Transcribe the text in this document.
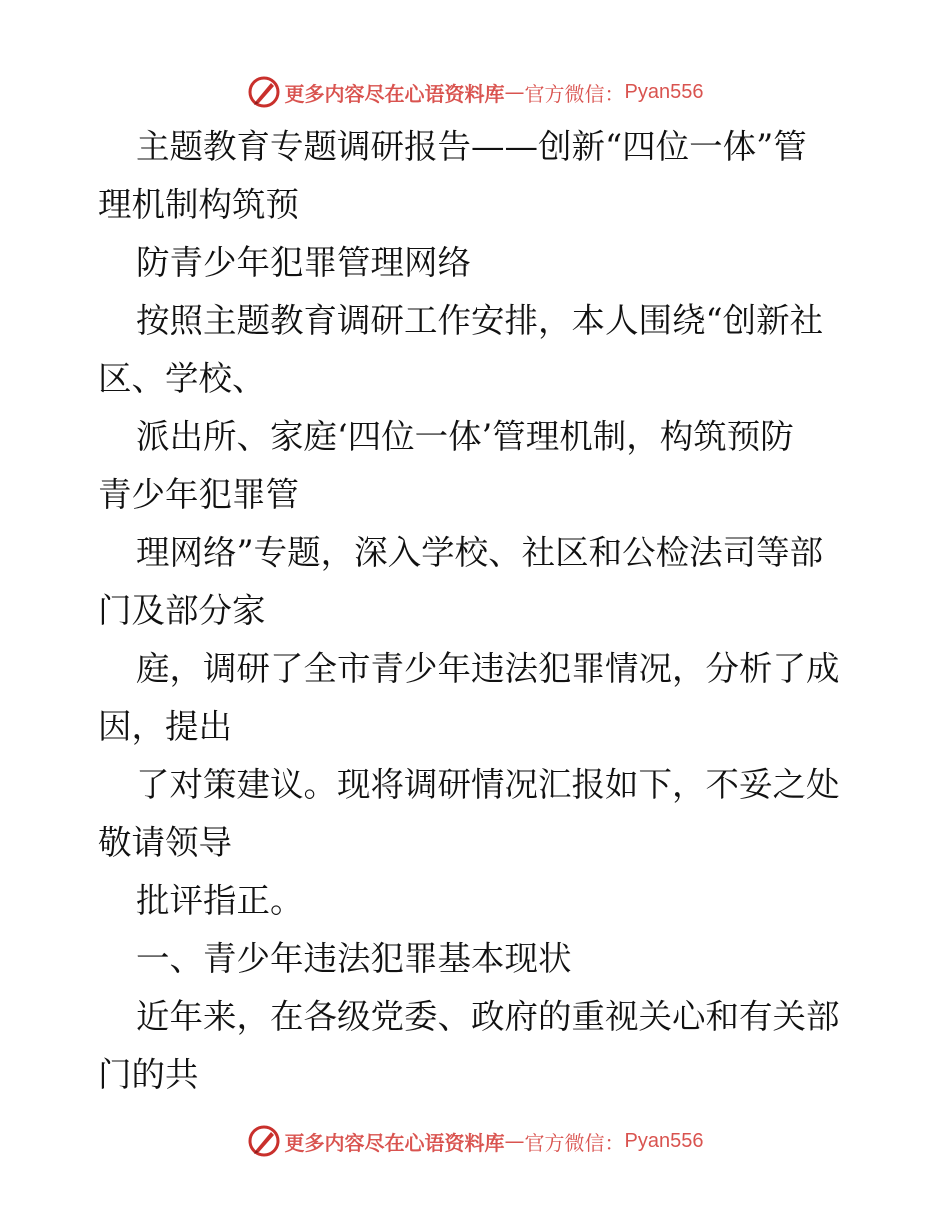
更多内容尽在心语资料库 — 官方微信： Pyan556
主题教育专题调研报告——创新“四位一体”管
理机制构筑预
防青少年犯罪管理网络
按照主题教育调研工作安排，本人围绕“创新社
区、学校、
派出所、家庭‘四位一体’管理机制，构筑预防
青少年犯罪管
理网络”专题，深入学校、社区和公检法司等部
门及部分家
庭，调研了全市青少年违法犯罪情况，分析了成
因，提出
了对策建议。现将调研情况汇报如下，不妥之处
敬请领导
批评指正。
一、青少年违法犯罪基本现状
近年来，在各级党委、政府的重视关心和有关部
门的共
更多内容尽在心语资料库 — 官方微信： Pyan556
